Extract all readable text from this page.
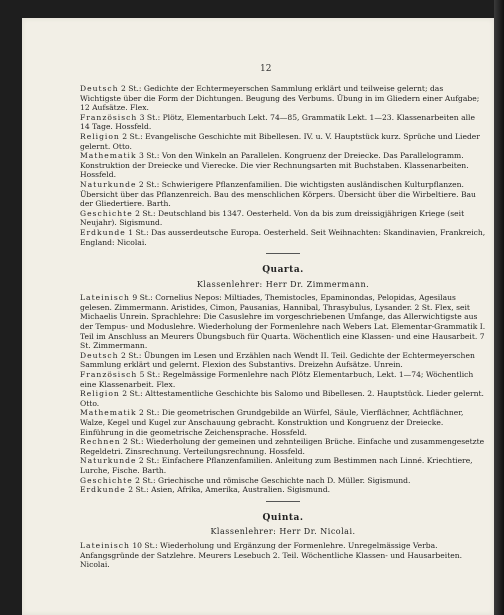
12

Deutsch 2 St.: Gedichte der Echtermeyerschen Sammlung erklärt und teilweise gelernt; das Wichtigste über die Form der Dichtungen. Beugung des Verbums. Übung in im Gliedern einer Aufgabe; 12 Aufsätze. Flex.

Französisch 3 St.: Plötz, Elementarbuch Lekt. 74—85, Grammatik Lekt. 1—23. Klassenarbeiten alle 14 Tage. Hossfeld.

Religion 2 St.: Evangelische Geschichte mit Bibellesen. IV. u. V. Hauptstück kurz. Sprüche und Lieder gelernt. Otto.

Mathematik 3 St.: Von den Winkeln an Parallelen. Kongruenz der Dreiecke. Das Parallelogramm. Konstruktion der Dreiecke und Vierecke. Die vier Rechnungsarten mit Buchstaben. Klassenarbeiten. Hossfeld.

Naturkunde 2 St.: Schwierigere Pflanzenfamilien. Die wichtigsten ausländischen Kulturpflanzen. Übersicht über das Pflanzenreich. Bau des menschlichen Körpers. Übersicht über die Wirbeltiere. Bau der Gliedertiere. Barth.

Geschichte 2 St.: Deutschland bis 1347. Oesterheld. Von da bis zum dreissigjährigen Kriege (seit Neujahr). Sigismund.

Erdkunde 1 St.: Das ausserdeutsche Europa. Oesterheld. Seit Weihnachten: Skandinavien, Frankreich, England: Nicolai.

Quarta.
Klassenlehrer: Herr Dr. Zimmermann.

Lateinisch 9 St.: Cornelius Nepos: Miltiades, Themistocles, Epaminondas, Pelopidas, Agesilaus gelesen. Zimmermann. Aristides, Cimon, Pausanias, Hannibal, Thrasybulus, Lysander. 2 St. Flex, seit Michaelis Unrein. Sprachlehre: Die Casuslehre im vorgeschriebenen Umfange, das Allerwichtigste aus der Tempus- und Moduslehre. Wiederholung der Formenlehre nach Webers Lat. Elementar-Grammatik I. Teil im Anschluss an Meurers Übungsbuch für Quarta. Wöchentlich eine Klassen- und eine Hausarbeit. 7 St. Zimmermann.

Deutsch 2 St.: Übungen im Lesen und Erzählen nach Wendt II. Teil. Gedichte der Echtermeyerschen Sammlung erklärt und gelernt. Flexion des Substantivs. Dreizehn Aufsätze. Unrein.

Französisch 5 St.: Regelmässige Formenlehre nach Plötz Elementarbuch, Lekt. 1—74; Wöchentlich eine Klassenarbeit. Flex.

Religion 2 St.: Alttestamentliche Geschichte bis Salomo und Bibellesen. 2. Hauptstück. Lieder gelernt. Otto.

Mathematik 2 St.: Die geometrischen Grundgebilde an Würfel, Säule, Vierflächner, Achtflächner, Walze, Kegel und Kugel zur Anschauung gebracht. Konstruktion und Kongruenz der Dreiecke. Einführung in die geometrische Zeichensprache. Hossfeld.

Rechnen 2 St.: Wiederholung der gemeinen und zehnteiligen Brüche. Einfache und zusammengesetzte Regeldetri. Zinsrechnung. Verteilungsrechnung. Hossfeld.

Naturkunde 2 St.: Einfachere Pflanzenfamilien. Anleitung zum Bestimmen nach Linné. Kriechtiere, Lurche, Fische. Barth.

Geschichte 2 St.: Griechische und römische Geschichte nach D. Müller. Sigismund.

Erdkunde 2 St.: Asien, Afrika, Amerika, Australien. Sigismund.

Quinta.
Klassenlehrer: Herr Dr. Nicolai.

Lateinisch 10 St.: Wiederholung und Ergänzung der Formenlehre. Unregelmässige Verba. Anfangsgründe der Satzlehre. Meurers Lesebuch 2. Teil. Wöchentliche Klassen- und Hausarbeiten. Nicolai.
